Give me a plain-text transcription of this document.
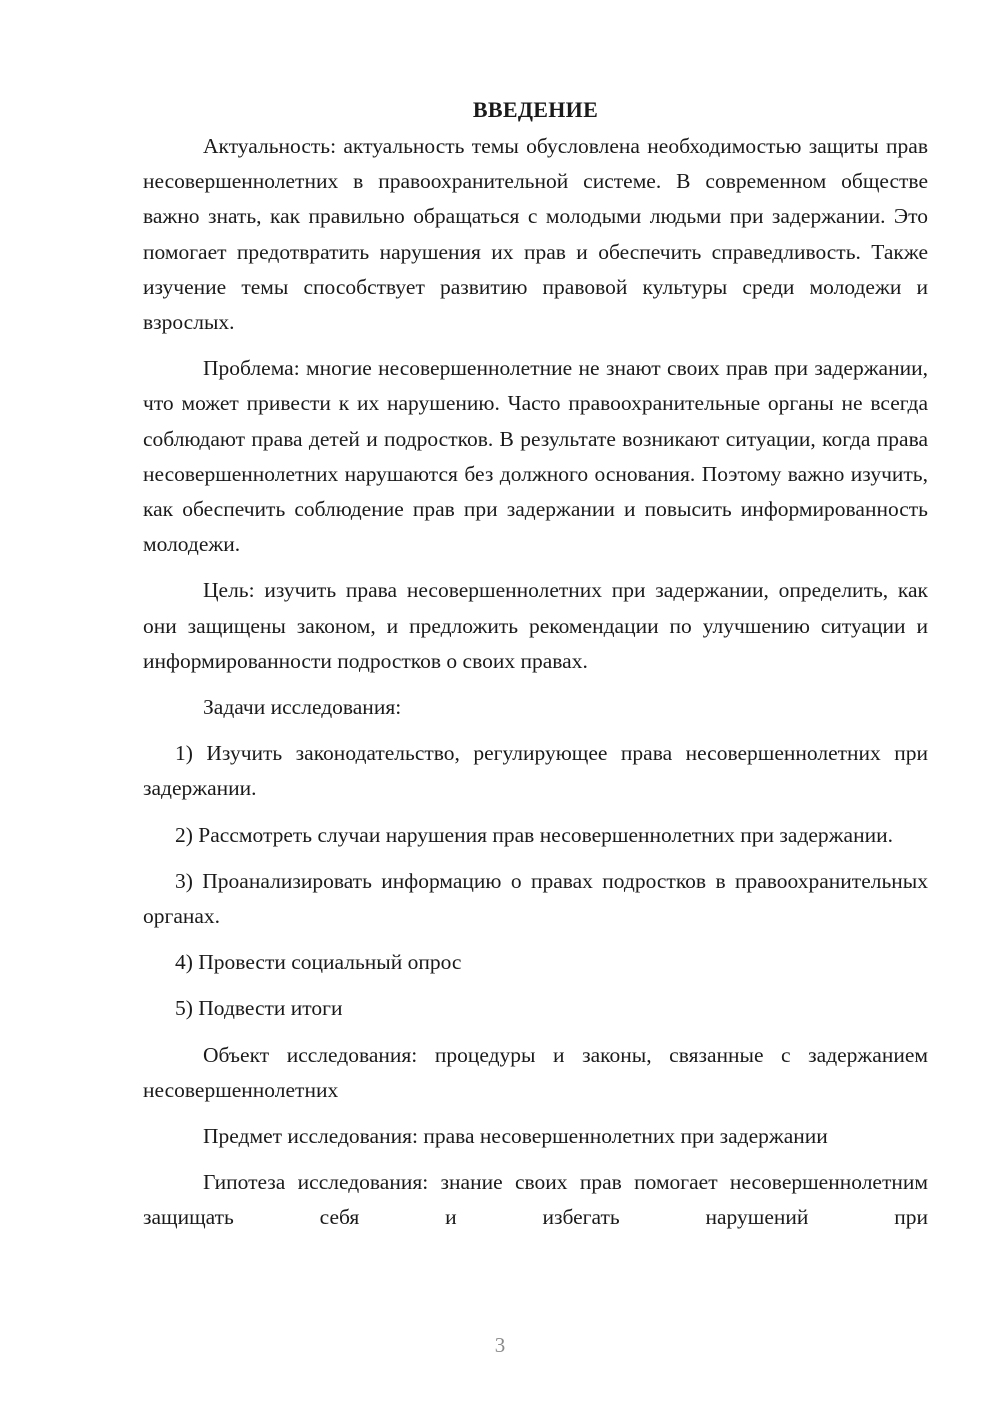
ВВЕДЕНИЕ

Актуальность: актуальность темы обусловлена необходимостью защиты прав несовершеннолетних в правоохранительной системе. В современном обществе важно знать, как правильно обращаться с молодыми людьми при задержании. Это помогает предотвратить нарушения их прав и обеспечить справедливость. Также изучение темы способствует развитию правовой культуры среди молодежи и взрослых.

Проблема: многие несовершеннолетние не знают своих прав при задержании, что может привести к их нарушению. Часто правоохранительные органы не всегда соблюдают права детей и подростков. В результате возникают ситуации, когда права несовершеннолетних нарушаются без должного основания. Поэтому важно изучить, как обеспечить соблюдение прав при задержании и повысить информированность молодежи.

Цель: изучить права несовершеннолетних при задержании, определить, как они защищены законом, и предложить рекомендации по улучшению ситуации и информированности подростков о своих правах.

Задачи исследования:

1) Изучить законодательство, регулирующее права несовершеннолетних при задержании.

2) Рассмотреть случаи нарушения прав несовершеннолетних при задержании.

3) Проанализировать информацию о правах подростков в правоохранительных органах.

4) Провести социальный опрос

5) Подвести итоги

Объект исследования: процедуры и законы, связанные с задержанием несовершеннолетних

Предмет исследования: права несовершеннолетних при задержании

Гипотеза исследования: знание своих прав помогает несовершеннолетним защищать себя и избегать нарушений при

3
